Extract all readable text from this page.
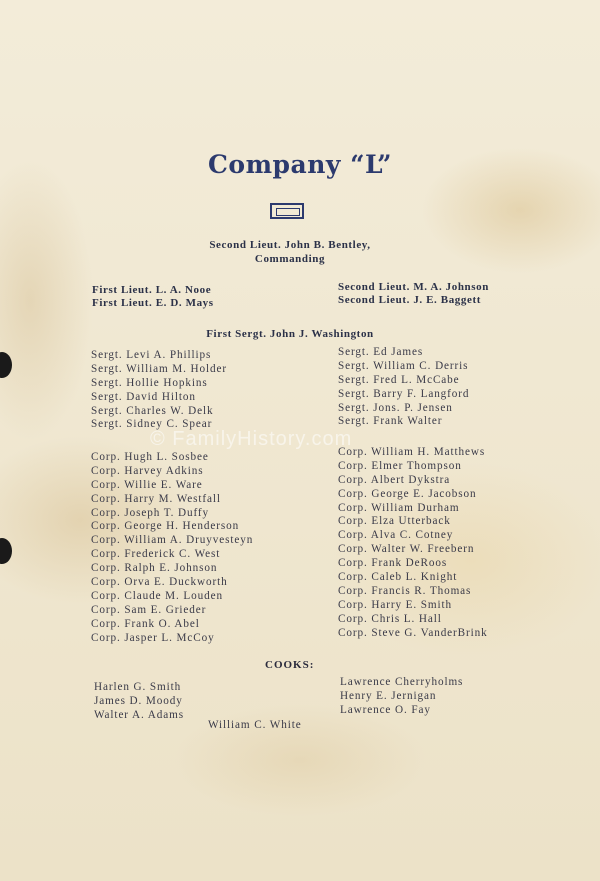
Company “L”
Second Lieut. John B. Bentley,
Commanding
First Lieut. L. A. Nooe
First Lieut. E. D. Mays
Second Lieut. M. A. Johnson
Second Lieut. J. E. Baggett
First Sergt. John J. Washington
Sergt. Levi A. Phillips
Sergt. William M. Holder
Sergt. Hollie Hopkins
Sergt. David Hilton
Sergt. Charles W. Delk
Sergt. Sidney C. Spear
Sergt. Ed James
Sergt. William C. Derris
Sergt. Fred L. McCabe
Sergt. Barry F. Langford
Sergt. Jons. P. Jensen
Sergt. Frank Walter
© FamilyHistory.com
Corp. Hugh L. Sosbee
Corp. Harvey Adkins
Corp. Willie E. Ware
Corp. Harry M. Westfall
Corp. Joseph T. Duffy
Corp. George H. Henderson
Corp. William A. Druyvesteyn
Corp. Frederick C. West
Corp. Ralph E. Johnson
Corp. Orva E. Duckworth
Corp. Claude M. Louden
Corp. Sam E. Grieder
Corp. Frank O. Abel
Corp. Jasper L. McCoy
Corp. William H. Matthews
Corp. Elmer Thompson
Corp. Albert Dykstra
Corp. George E. Jacobson
Corp. William Durham
Corp. Elza Utterback
Corp. Alva C. Cotney
Corp. Walter W. Freebern
Corp. Frank DeRoos
Corp. Caleb L. Knight
Corp. Francis R. Thomas
Corp. Harry E. Smith
Corp. Chris L. Hall
Corp. Steve G. VanderBrink
COOKS:
Harlen G. Smith
James D. Moody
Walter A. Adams
Lawrence Cherryholms
Henry E. Jernigan
Lawrence O. Fay
William C. White
